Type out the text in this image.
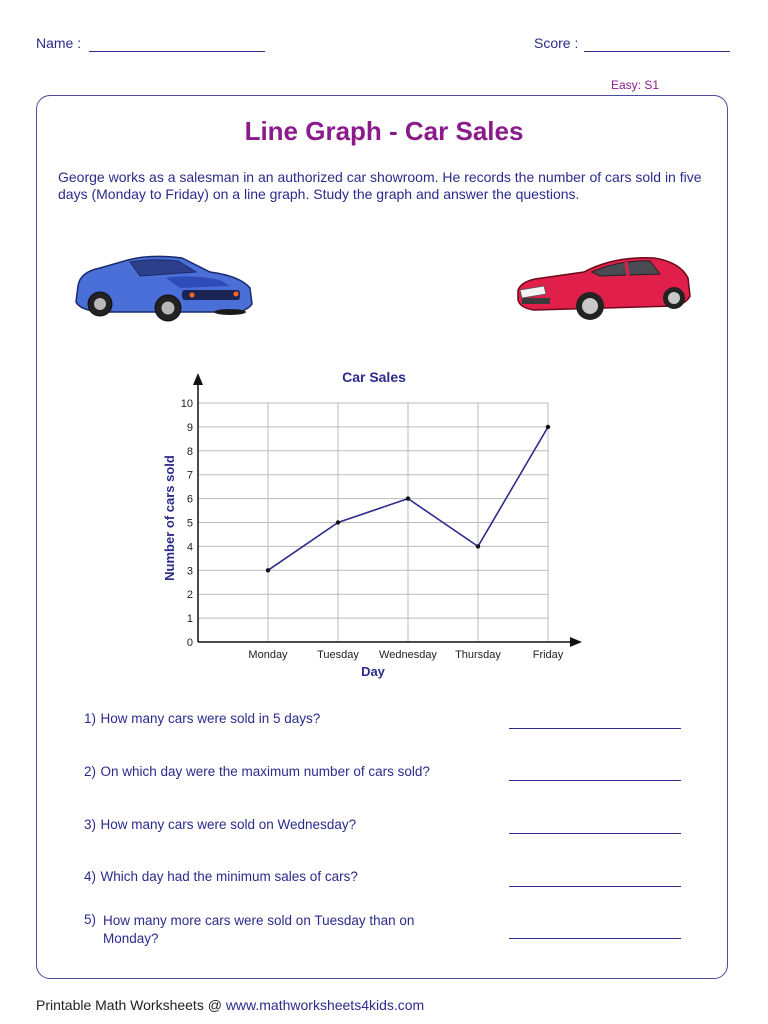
Name :	Score :
Easy: S1
Line Graph - Car Sales
George works as a salesman in an authorized car showroom. He records the number of cars sold in five days (Monday to Friday) on a line graph. Study the graph and answer the questions.
Car Sales
0
1
2
3
4
5
6
7
8
9
10
Monday	Tuesday Wednesday Thursday	Friday
Number of cars sold
Day
1) How many cars were sold in 5 days?
2) On which day were the maximum number of cars sold?
3) How many cars were sold on Wednesday?
4) Which day had the minimum sales of cars?
5) How many more cars were sold on Tuesday than on Monday?
Printable Math Worksheets @ www.mathworksheets4kids.com
